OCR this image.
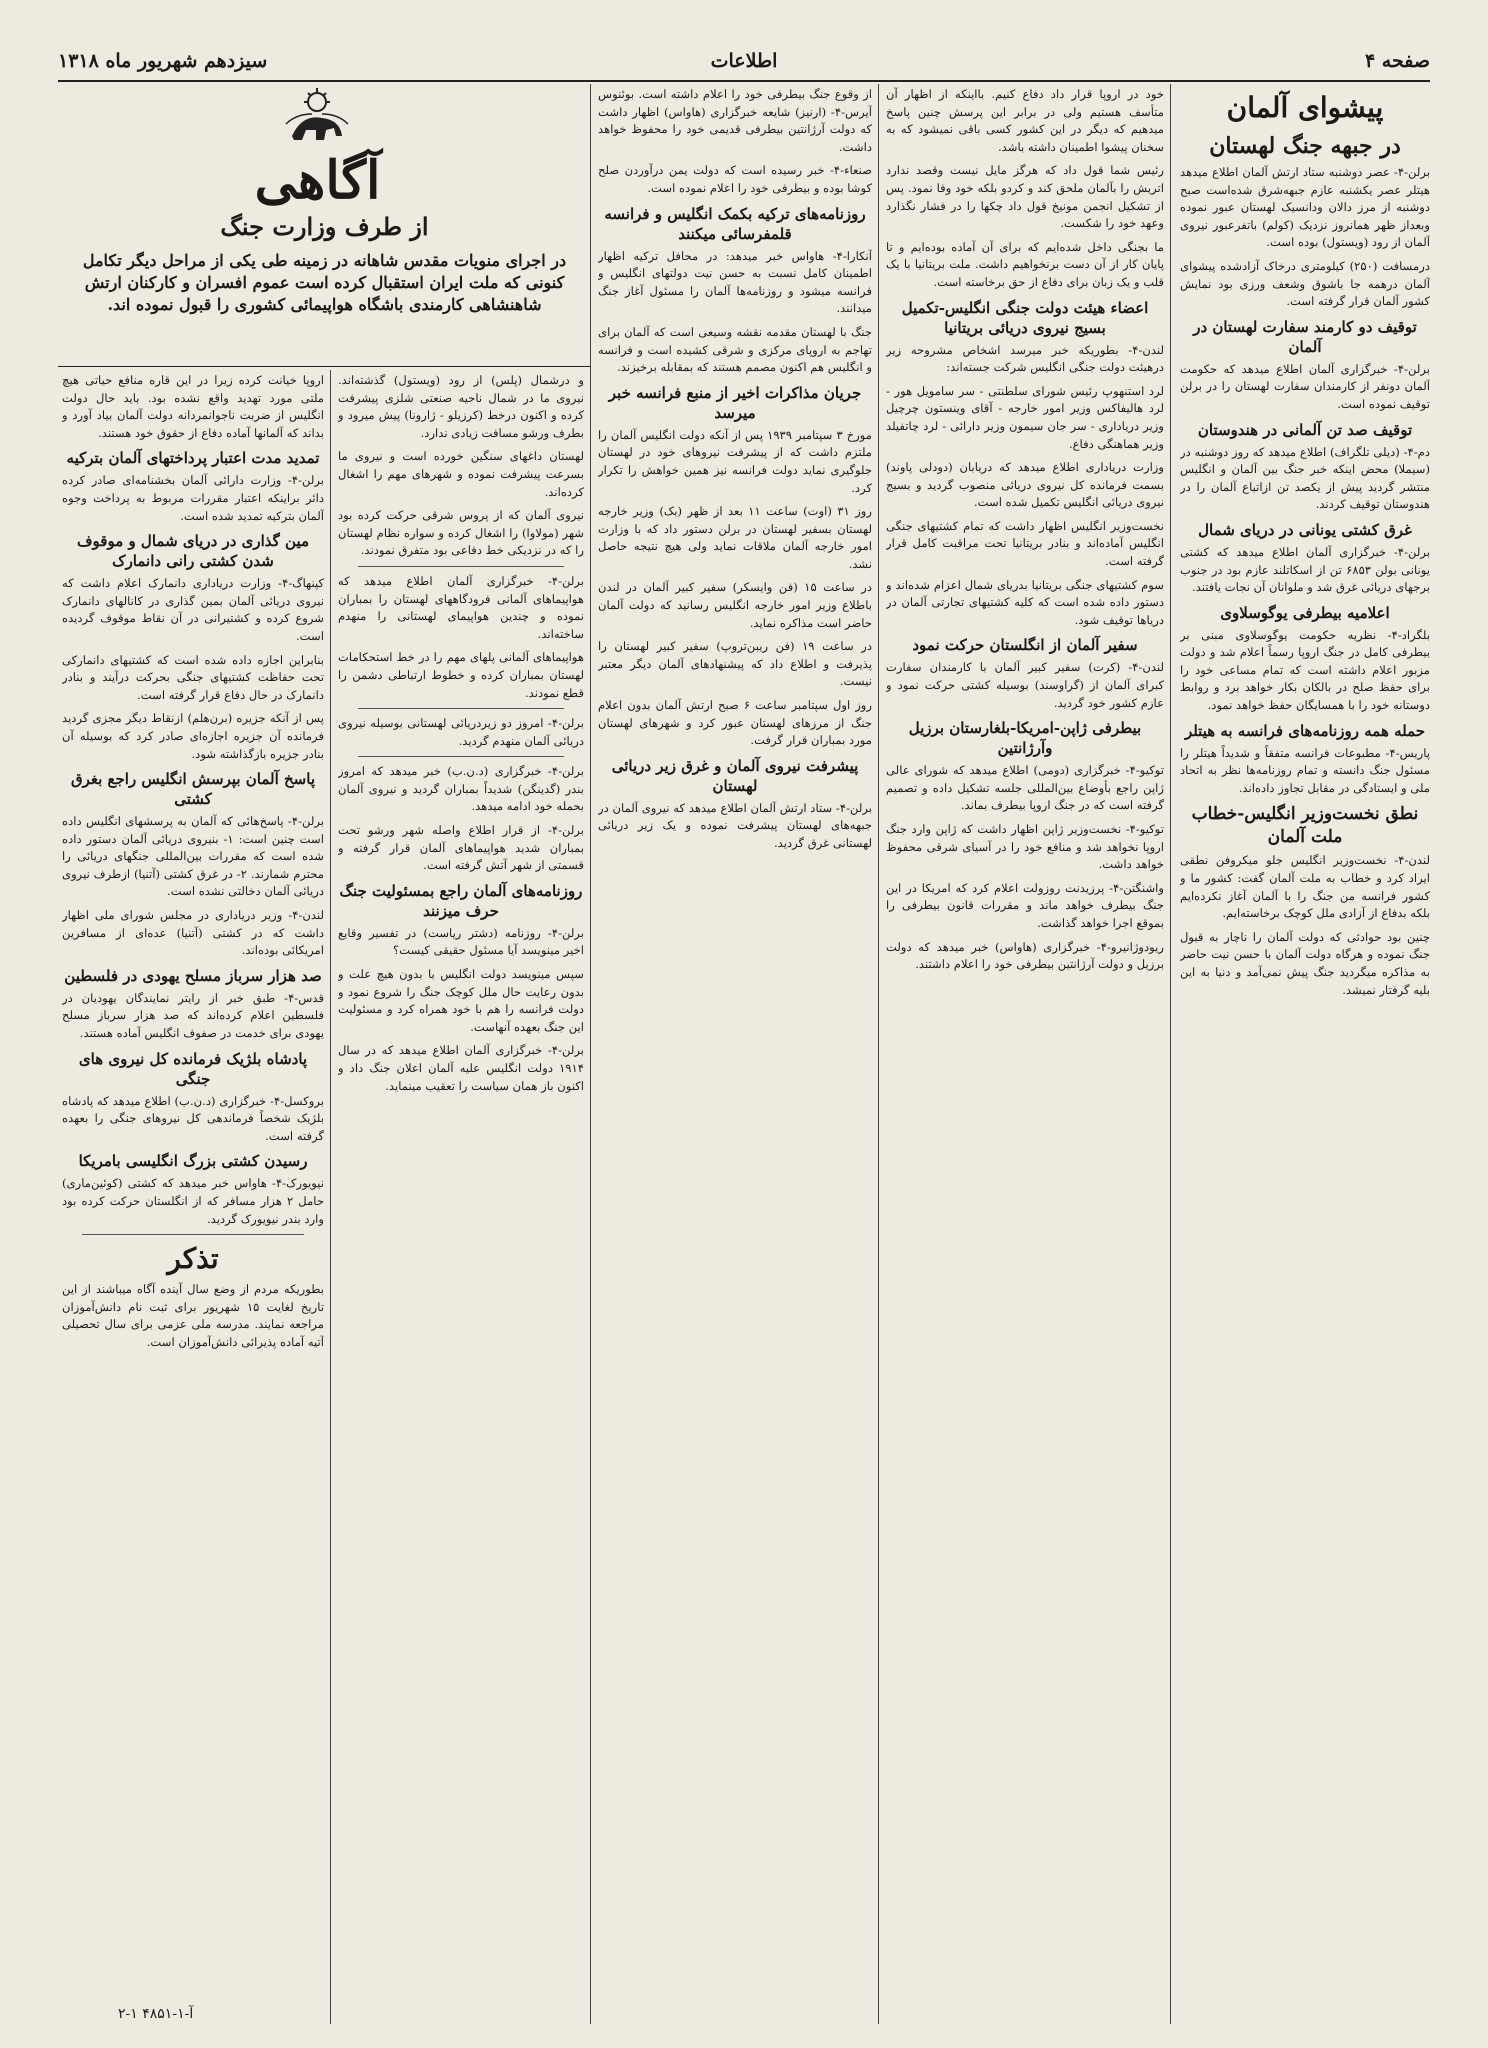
صفحه ۴
اطلاعات
سیزدهم شهریور ماه ۱۳۱۸
پیشوای آلمان
در جبهه جنگ لهستان

برلن-۴- عصر دوشنبه ستاد ارتش آلمان اطلاع میدهد هیتلر عصر یکشنبه عازم جبهه‌شرق شده‌است صبح دوشنبه از مرز دالان ودانسیک لهستان عبور نموده وبعداز ظهر همانروز نزدیک (کولم) باتفرعبور نیروی آلمان از رود (ویستول) بوده است.

درمسافت (۲۵۰) کیلومتری درخاک آزادشده پیشوای آلمان درهمه جا باشوق وشعف ورزی بود نمایش کشور آلمان قرار گرفته است.

توقیف دو کارمند سفارت لهستان در آلمان

برلن-۴- خبرگزاری آلمان اطلاع میدهد که حکومت آلمان دونفر از کارمندان سفارت لهستان را در برلن توقیف نموده است.

توقیف صد تن آلمانی در هندوستان

دم-۴- (دیلی تلگراف) اطلاع میدهد که روز دوشنبه در (سیملا) محض اینکه خبر جنگ بین آلمان و انگلیس منتشر گردید پیش از یکصد تن ازاتباع آلمان را در هندوستان توقیف کردند.

غرق کشتی یونانی در دریای شمال

برلن-۴- خبرگزاری آلمان اطلاع میدهد که کشتی یونانی بولن ۶۸۵۳ تن از اسکاتلند عازم بود در جنوب برجهای دریائی غرق شد و ملوانان آن نجات یافتند.

اعلامیه بیطرفی یوگوسلاوی

بلگراد-۴- نظریه حکومت یوگوسلاوی مبنی بر بیطرفی کامل در جنگ اروپا رسماً اعلام شد و دولت مزبور اعلام داشته است که تمام مساعی خود را برای حفظ صلح در بالکان بکار خواهد برد و روابط دوستانه خود را با همسایگان حفظ خواهد نمود.

حمله همه روزنامه‌های فرانسه به هیتلر

پاریس-۴- مطبوعات فرانسه متفقاً و شدیداً هیتلر را مسئول جنگ دانسته و تمام روزنامه‌ها نظر به اتحاد ملی و ایستادگی در مقابل تجاوز داده‌اند.

نطق نخست‌وزیر انگلیس-خطاب ملت آلمان

لندن-۴- نخست‌وزیر انگلیس جلو میکروفن نطقی ایراد کرد و خطاب به ملت آلمان گفت: کشور ما و کشور فرانسه من جنگ را با آلمان آغاز نکرده‌ایم بلکه بدفاع از آزادی ملل کوچک برخاسته‌ایم.

چنین بود حوادثی که دولت آلمان را ناچار به قبول جنگ نموده و هرگاه دولت آلمان با حسن نیت حاضر به مذاکره میگردید جنگ پیش نمی‌آمد و دنیا به این بلیه گرفتار نمیشد.

خود در اروپا قرار داد دفاع کنیم. بااینکه از اظهار آن متأسف هستیم ولی در برابر این پرسش چنین پاسخ میدهیم که دیگر در این کشور کسی باقی نمیشود که به سخنان پیشوا اطمینان داشته باشد.

رئیس شما قول داد که هرگز مایل نیست وقصد ندارد اتریش را بآلمان ملحق کند و کردو بلکه خود وفا نمود. پس از تشکیل انجمن مونیخ قول داد چکها را در فشار نگذارد وعهد خود را شکست.

ما بجنگی داخل شده‌ایم که برای آن آماده بوده‌ایم و تا پایان کار از آن دست برنخواهیم داشت. ملت بریتانیا با یک قلب و یک زبان برای دفاع از حق برخاسته است.

اعضاء هیئت دولت جنگی انگلیس-تکمیل بسیج نیروی دریائی بریتانیا

لندن-۴- بطوریکه خبر میرسد اشخاص مشروحه زیر درهیئت دولت جنگی انگلیس شرکت جسته‌اند:

لرد استنهوپ رئیس شورای سلطنتی - سر سامویل هور - لرد هالیفاکس وزیر امور خارجه - آقای وینستون چرچیل وزیر دریاداری - سر جان سیمون وزیر دارائی - لرد چاتفیلد وزیر هماهنگی دفاع.

وزارت دریاداری اطلاع میدهد که دریابان (دودلی پاوند) بسمت فرمانده کل نیروی دریائی منصوب گردید و بسیج نیروی دریائی انگلیس تکمیل شده است.

نخست‌وزیر انگلیس اظهار داشت که تمام کشتیهای جنگی انگلیس آماده‌اند و بنادر بریتانیا تحت مراقبت کامل قرار گرفته است.

سوم کشتیهای جنگی بریتانیا بدریای شمال اعزام شده‌اند و دستور داده شده است که کلیه کشتیهای تجارتی آلمان در دریاها توقیف شود.

سفیر آلمان از انگلستان حرکت نمود

لندن-۴- (کرت) سفیر کبیر آلمان با کارمندان سفارت کبرای آلمان از (گراوسند) بوسیله کشتی حرکت نمود و عازم کشور خود گردید.

بیطرفی ژاپن-امریکا-بلغارستان برزیل وآرژانتین

توکیو-۴- خبرگزاری (دومی) اطلاع میدهد که شورای عالی ژاپن راجع بأوضاع بین‌المللی جلسه تشکیل داده و تصمیم گرفته است که در جنگ اروپا بیطرف بماند.

توکیو-۴- نخست‌وزیر ژاپن اظهار داشت که ژاپن وارد جنگ اروپا نخواهد شد و منافع خود را در آسیای شرقی محفوظ خواهد داشت.

واشنگتن-۴- پرزیدنت روزولت اعلام کرد که امریکا در این جنگ بیطرف خواهد ماند و مقررات قانون بیطرفی را بموقع اجرا خواهد گذاشت.

ریودوژانیرو-۴- خبرگزاری (هاواس) خبر میدهد که دولت برزیل و دولت آرژانتین بیطرفی خود را اعلام داشتند.

از وقوع جنگ بیطرفی خود را اعلام داشته است. بوئنوس آیرس-۴- (ارنیز) شایعه خبرگزاری (هاواس) اظهار داشت که دولت آرژانتین بیطرفی قدیمی خود را محفوظ خواهد داشت.

صنعاء-۴- خبر رسیده است که دولت یمن درآوردن صلح کوشا بوده و بیطرفی خود را اعلام نموده است.

روزنامه‌های ترکیه بکمک انگلیس و فرانسه قلمفرسائی میکنند

آنکارا-۴- هاواس خبر میدهد: در محافل ترکیه اظهار اطمینان کامل نسبت به حسن نیت دولتهای انگلیس و فرانسه میشود و روزنامه‌ها آلمان را مسئول آغاز جنگ میدانند.

جنگ با لهستان مقدمه نقشه وسیعی است که آلمان برای تهاجم به اروپای مرکزی و شرقی کشیده است و فرانسه و انگلیس هم اکنون مصمم هستند که بمقابله برخیزند.

جریان مذاکرات اخیر از منبع فرانسه خبر میرسد

مورخ ۳ سپتامبر ۱۹۳۹ پس از آنکه دولت انگلیس آلمان را ملتزم داشت که از پیشرفت نیروهای خود در لهستان جلوگیری نماید دولت فرانسه نیز همین خواهش را تکرار کرد.

روز ۳۱ (اوت) ساعت ۱۱ بعد از ظهر (بک) وزیر خارجه لهستان بسفیر لهستان در برلن دستور داد که با وزارت امور خارجه آلمان ملاقات نماید ولی هیچ نتیجه حاصل نشد.

در ساعت ۱۵ (فن وایسکر) سفیر کبیر آلمان در لندن باطلاع وزیر امور خارجه انگلیس رسانید که دولت آلمان حاضر است مذاکره نماید.

در ساعت ۱۹ (فن ریبن‌تروپ) سفیر کبیر لهستان را پذیرفت و اطلاع داد که پیشنهادهای آلمان دیگر معتبر نیست.

روز اول سپتامبر ساعت ۶ صبح ارتش آلمان بدون اعلام جنگ از مرزهای لهستان عبور کرد و شهرهای لهستان مورد بمباران قرار گرفت.

پیشرفت نیروی آلمان و غرق زیر دریائی لهستان

برلن-۴- ستاد ارتش آلمان اطلاع میدهد که نیروی آلمان در جبهه‌های لهستان پیشرفت نموده و یک زیر دریائی لهستانی غرق گردید.

آگاهی
از طرف وزارت جنگ
در اجرای منویات مقدس شاهانه در زمینه طی یکی از مراحل دیگر تکامل کنونی که ملت ایران استقبال کرده است عموم افسران و کارکنان ارتش شاهنشاهی کارمندی باشگاه هواپیمائی کشوری را قبول نموده اند.

و درشمال (پلس) از رود (ویستول) گذشته‌اند. نیروی ما در شمال ناحیه صنعتی شلزی پیشرفت کرده و اکنون درخط (کرزیلو - ژارونا) پیش میرود و بطرف ورشو مسافت زیادی ندارد.

لهستان داغهای سنگین خورده است و نیروی ما بسرعت پیشرفت نموده و شهرهای مهم را اشغال کرده‌اند.

نیروی آلمان که از پروس شرقی حرکت کرده بود شهر (مولاوا) را اشغال کرده و سواره نظام لهستان را که در نزدیکی خط دفاعی بود متفرق نمودند.

برلن-۴- خبرگزاری آلمان اطلاع میدهد که هواپیماهای آلمانی فرودگاههای لهستان را بمباران نموده و چندین هواپیمای لهستانی را منهدم ساخته‌اند.

هواپیماهای آلمانی پلهای مهم را در خط استحکامات لهستان بمباران کرده و خطوط ارتباطی دشمن را قطع نمودند.

برلن-۴- امروز دو زیردریائی لهستانی بوسیله نیروی دریائی آلمان منهدم گردید.

برلن-۴- خبرگزاری (د.ن.ب) خبر میدهد که امروز بندر (گدینگن) شدیداً بمباران گردید و نیروی آلمان بحمله خود ادامه میدهد.

برلن-۴- از قرار اطلاع واصله شهر ورشو تحت بمباران شدید هواپیماهای آلمان قرار گرفته و قسمتی از شهر آتش گرفته است.

روزنامه‌های آلمان راجع بمسئولیت جنگ حرف میزنند

برلن-۴- روزنامه (دشتر ریاست) در تفسیر وقایع اخیر مینویسد آیا مسئول حقیقی کیست؟

سپس مینویسد دولت انگلیس با بدون هیچ علت و بدون رعایت حال ملل کوچک جنگ را شروع نمود و دولت فرانسه را هم با خود همراه کرد و مسئولیت این جنگ بعهده آنهاست.

برلن-۴- خبرگزاری آلمان اطلاع میدهد که در سال ۱۹۱۴ دولت انگلیس علیه آلمان اعلان جنگ داد و اکنون باز همان سیاست را تعقیب مینماید.

اروپا خیانت کرده زیرا در این قاره منافع حیاتی هیچ ملتی مورد تهدید واقع نشده بود. باید حال دولت انگلیس از ضربت ناجوانمردانه دولت آلمان بیاد آورد و بداند که آلمانها آماده دفاع از حقوق خود هستند.

تمدید مدت اعتبار پرداختهای آلمان بترکیه

برلن-۴- وزارت دارائی آلمان بخشنامه‌ای صادر کرده دائر براینکه اعتبار مقررات مربوط به پرداخت وجوه آلمان بترکیه تمدید شده است.

مین گذاری در دریای شمال و موقوف شدن کشتی رانی دانمارک

کپنهاگ-۴- وزارت دریاداری دانمارک اعلام داشت که نیروی دریائی آلمان بمین گذاری در کانالهای دانمارک شروع کرده و کشتیرانی در آن نقاط موقوف گردیده است.

بنابراین اجازه داده شده است که کشتیهای دانمارکی تحت حفاظت کشتیهای جنگی بحرکت درآیند و بنادر دانمارک در حال دفاع قرار گرفته است.

پس از آنکه جزیره (برن‌هلم) ازنقاط دیگر مجزی گردید فرمانده آن جزیره اجازه‌ای صادر کرد که بوسیله آن بنادر جزیره بازگذاشته شود.

پاسخ آلمان بپرسش انگلیس راجع بغرق کشتی

برلن-۴- پاسخ‌هائی که آلمان به پرسشهای انگلیس داده است چنین است: ۱- بنیروی دریائی آلمان دستور داده شده است که مقررات بین‌المللی جنگهای دریائی را محترم شمارند. ۲- در غرق کشتی (آتنیا) ازطرف نیروی دریائی آلمان دخالتی نشده است.

لندن-۴- وزیر دریاداری در مجلس شورای ملی اظهار داشت که در کشتی (آتنیا) عده‌ای از مسافرین امریکائی بوده‌اند.

صد هزار سرباز مسلح یهودی در فلسطین

قدس-۴- طبق خبر از رایتر نمایندگان یهودیان در فلسطین اعلام کرده‌اند که صد هزار سرباز مسلح یهودی برای خدمت در صفوف انگلیس آماده هستند.

پادشاه بلژیک فرمانده کل نیروی های جنگی

بروکسل-۴- خبرگزاری (د.ن.ب) اطلاع میدهد که پادشاه بلژیک شخصاً فرماندهی کل نیروهای جنگی را بعهده گرفته است.

رسیدن کشتی بزرگ انگلیسی بامریکا

نیویورک-۴- هاواس خبر میدهد که کشتی (کوئین‌ماری) حامل ۲ هزار مسافر که از انگلستان حرکت کرده بود وارد بندر نیویورک گردید.

تذکر

بطوریکه مردم از وضع سال آینده آگاه میباشند از این تاریخ لغایت ۱۵ شهریور برای ثبت نام دانش‌آموزان مراجعه نمایند. مدرسه ملی عزمی برای سال تحصیلی آتیه آماده پذیرائی دانش‌آموزان است.

آ-۱-۴۸۵۱ ۱-۲
